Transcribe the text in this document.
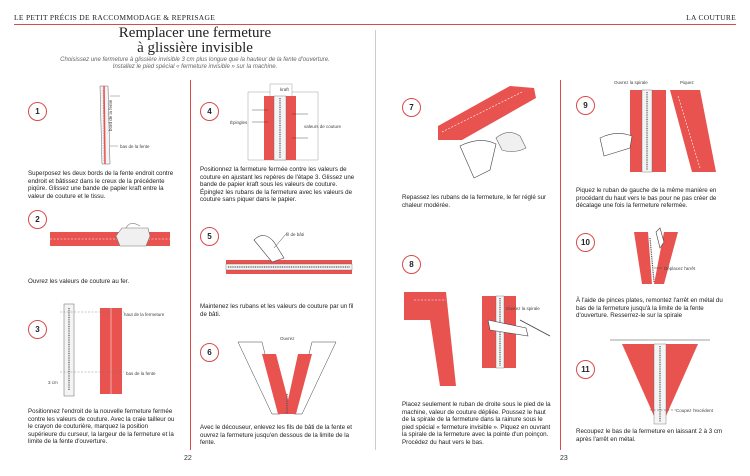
LE PETIT PRÉCIS DE RACCOMMODAGE & REPRISAGE	LA COUTURE
Remplacer une fermeture
à glissière invisible
Choisissez une fermeture à glissière invisible 3 cm plus longue que la hauteur de la fente d'ouverture.
Installez le pied spécial « fermeture invisible » sur la machine.
1	bord de la fente
bas de la fente
Superposez les deux bords de la fente endroit contre endroit et bâtissez dans le creux de la précédente piqûre. Glissez une bande de papier kraft entre la valeur de couture et le tissu.
2
Ouvrez les valeurs de couture au fer.
3
haut de la fermeture
bas de la fente
3 cm
Positionnez l'endroit de la nouvelle fermeture fermée contre les valeurs de couture. Avec la craie tailleur ou le crayon de couturière, marquez la position supérieure du curseur, la largeur de la fermeture et la limite de la fente d'ouverture.
4
kraft
Épingles
valeurs de couture
Positionnez la fermeture fermée contre les valeurs de couture en ajustant les repères de l'étape 3. Glissez une bande de papier kraft sous les valeurs de couture. Épinglez les rubans de la fermeture avec les valeurs de couture sans piquer dans le papier.
5	fil de bâti
Maintenez les rubans et les valeurs de couture par un fil de bâti.
6
Ouvrez
Avec le découseur, enlevez les fils de bâti de la fente et ouvrez la fermeture jusqu'en dessous de la limite de la fente.
7
Repassez les rubans de la fermeture, le fer réglé sur chaleur modérée.
8
Ouvrez la spirale
Placez seulement le ruban de droite sous le pied de la machine, valeur de couture dépliée. Poussez le haut de la spirale de la fermeture dans la rainure sous le pied spécial « fermeture invisible ». Piquez en ouvrant la spirale de la fermeture avec la pointe d'un poinçon. Procédez du haut vers le bas.
9
Ouvrez la spirale	Piquez
Piquez le ruban de gauche de la même manière en procédant du haut vers le bas pour ne pas créer de décalage une fois la fermeture refermée.
10
Déplacez l'arrêt
À l'aide de pinces plates, remontez l'arrêt en métal du bas de la fermeture jusqu'à la limite de la fente d'ouverture. Resserrez-le sur la spirale
11
Coupez l'excédent
Recoupez le bas de la fermeture en laissant 2 à 3 cm après l'arrêt en métal.
22	23
